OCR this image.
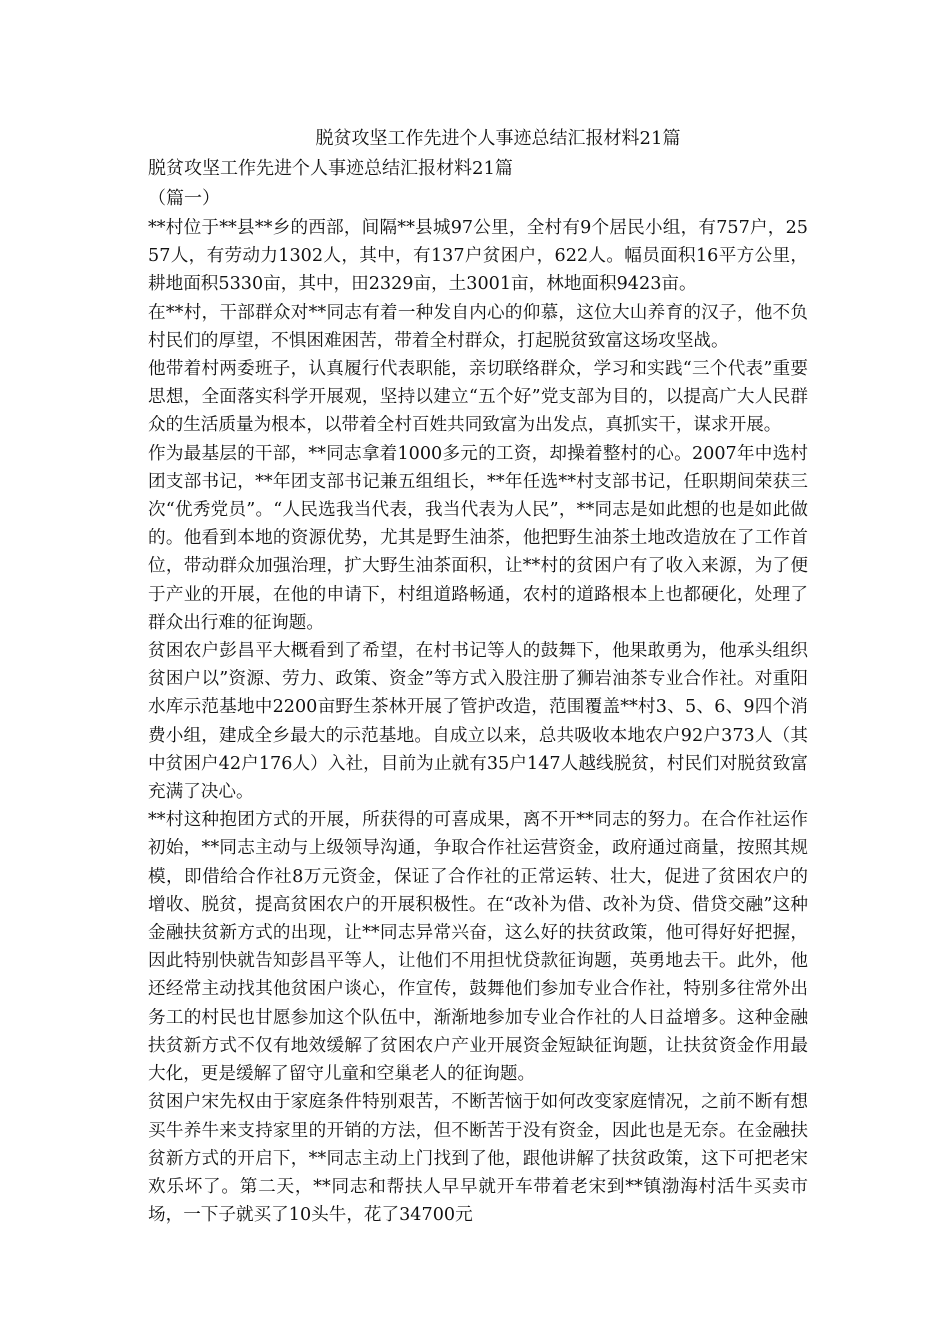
脱贫攻坚工作先进个人事迹总结汇报材料21篇
脱贫攻坚工作先进个人事迹总结汇报材料21篇
（篇一）

**村位于**县**乡的西部，间隔**县城97公里，全村有9个居民小组，有757户，2557人，有劳动力1302人，其中，有137户贫困户，622人。幅员面积16平方公里，耕地面积5330亩，其中，田2329亩，土3001亩，林地面积9423亩。

在**村，干部群众对**同志有着一种发自内心的仰慕，这位大山养育的汉子，他不负村民们的厚望，不惧困难困苦，带着全村群众，打起脱贫致富这场攻坚战。

他带着村两委班子，认真履行代表职能，亲切联络群众，学习和实践“三个代表”重要思想，全面落实科学开展观，坚持以建立“五个好”党支部为目的，以提高广大人民群众的生活质量为根本，以带着全村百姓共同致富为出发点，真抓实干，谋求开展。

作为最基层的干部，**同志拿着1000多元的工资，却操着整村的心。2007年中选村团支部书记，**年团支部书记兼五组组长，**年任选**村支部书记，任职期间荣获三次“优秀党员”。“人民选我当代表，我当代表为人民”，**同志是如此想的也是如此做的。他看到本地的资源优势，尤其是野生油茶，他把野生油茶土地改造放在了工作首位，带动群众加强治理，扩大野生油茶面积，让**村的贫困户有了收入来源，为了便于产业的开展，在他的申请下，村组道路畅通，农村的道路根本上也都硬化，处理了群众出行难的征询题。

贫困农户彭昌平大概看到了希望，在村书记等人的鼓舞下，他果敢勇为，他承头组织贫困户以”资源、劳力、政策、资金”等方式入股注册了狮岩油茶专业合作社。对重阳水库示范基地中2200亩野生茶林开展了管护改造，范围覆盖**村3、5、6、9四个消费小组，建成全乡最大的示范基地。自成立以来，总共吸收本地农户92户373人（其中贫困户42户176人）入社，目前为止就有35户147人越线脱贫，村民们对脱贫致富充满了决心。

**村这种抱团方式的开展，所获得的可喜成果，离不开**同志的努力。在合作社运作初始，**同志主动与上级领导沟通，争取合作社运营资金，政府通过商量，按照其规模，即借给合作社8万元资金，保证了合作社的正常运转、壮大，促进了贫困农户的增收、脱贫，提高贫困农户的开展积极性。在“改补为借、改补为贷、借贷交融”这种金融扶贫新方式的出现，让**同志异常兴奋，这么好的扶贫政策，他可得好好把握，因此特别快就告知彭昌平等人，让他们不用担忧贷款征询题，英勇地去干。此外，他还经常主动找其他贫困户谈心，作宣传，鼓舞他们参加专业合作社，特别多往常外出务工的村民也甘愿参加这个队伍中，渐渐地参加专业合作社的人日益增多。这种金融扶贫新方式不仅有地效缓解了贫困农户产业开展资金短缺征询题，让扶贫资金作用最大化，更是缓解了留守儿童和空巢老人的征询题。

贫困户宋先权由于家庭条件特别艰苦，不断苦恼于如何改变家庭情况，之前不断有想买牛养牛来支持家里的开销的方法，但不断苦于没有资金，因此也是无奈。在金融扶贫新方式的开启下，**同志主动上门找到了他，跟他讲解了扶贫政策，这下可把老宋欢乐坏了。第二天，**同志和帮扶人早早就开车带着老宋到**镇渤海村活牛买卖市场，一下子就买了10头牛，花了34700元
